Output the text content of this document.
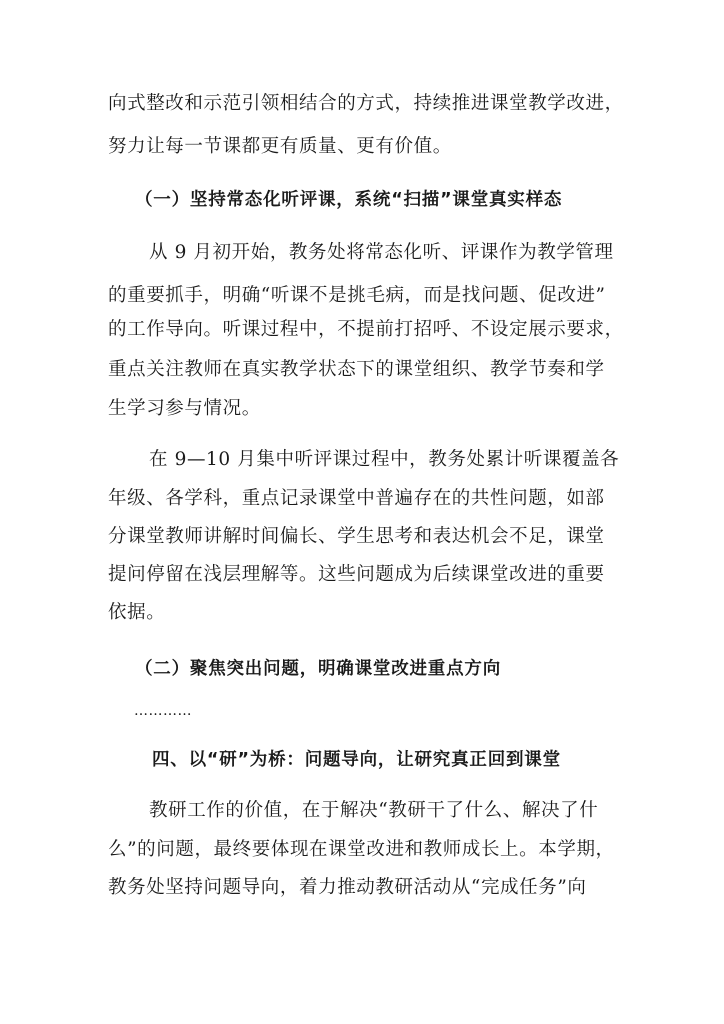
向式整改和示范引领相结合的方式，持续推进课堂教学改进，
努力让每一节课都更有质量、更有价值。
（一）坚持常态化听评课，系统“扫描”课堂真实样态
从 9 月初开始，教务处将常态化听、评课作为教学管理
的重要抓手，明确“听课不是挑毛病，而是找问题、促改进”
的工作导向。听课过程中，不提前打招呼、不设定展示要求，
重点关注教师在真实教学状态下的课堂组织、教学节奏和学
生学习参与情况。
在 9—10 月集中听评课过程中，教务处累计听课覆盖各
年级、各学科，重点记录课堂中普遍存在的共性问题，如部
分课堂教师讲解时间偏长、学生思考和表达机会不足，课堂
提问停留在浅层理解等。这些问题成为后续课堂改进的重要
依据。
（二）聚焦突出问题，明确课堂改进重点方向
…………
四、以“研”为桥：问题导向，让研究真正回到课堂
教研工作的价值，在于解决“教研干了什么、解决了什
么”的问题，最终要体现在课堂改进和教师成长上。本学期，
教务处坚持问题导向，着力推动教研活动从“完成任务”向
